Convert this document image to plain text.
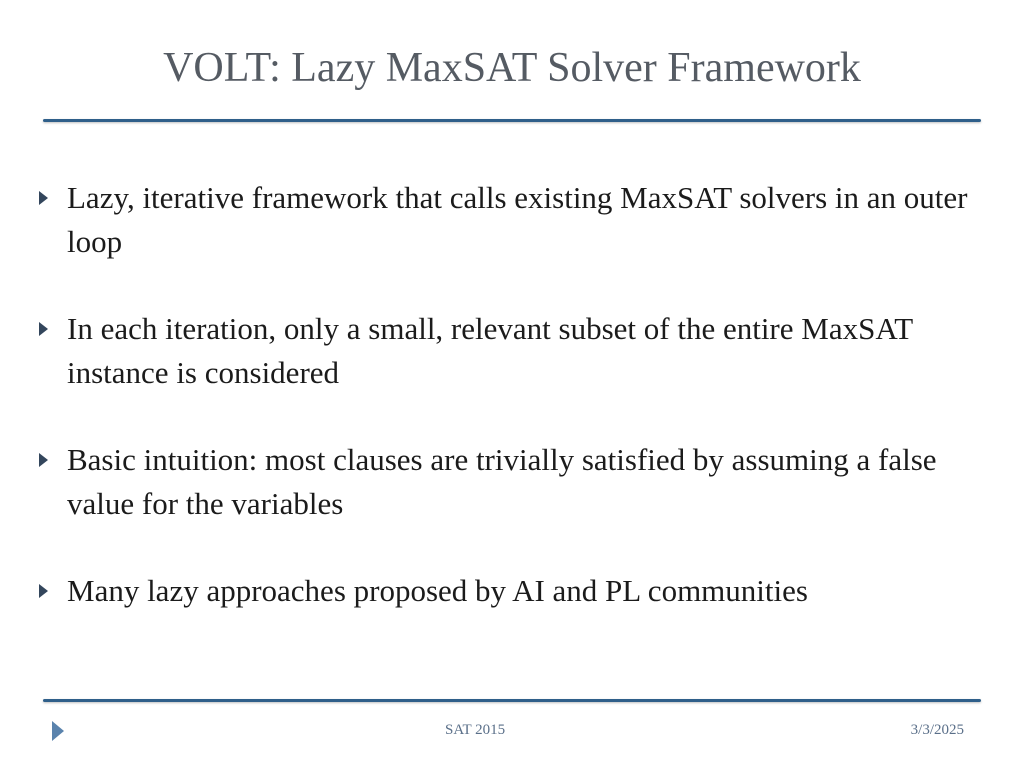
VOLT: Lazy MaxSAT Solver Framework
Lazy, iterative framework that calls existing MaxSAT solvers in an outer loop
In each iteration, only a small, relevant subset of the entire MaxSAT instance is considered
Basic intuition: most clauses are trivially satisfied by assuming a false value for the variables
Many lazy approaches proposed by AI and PL communities
SAT 2015	3/3/2025
